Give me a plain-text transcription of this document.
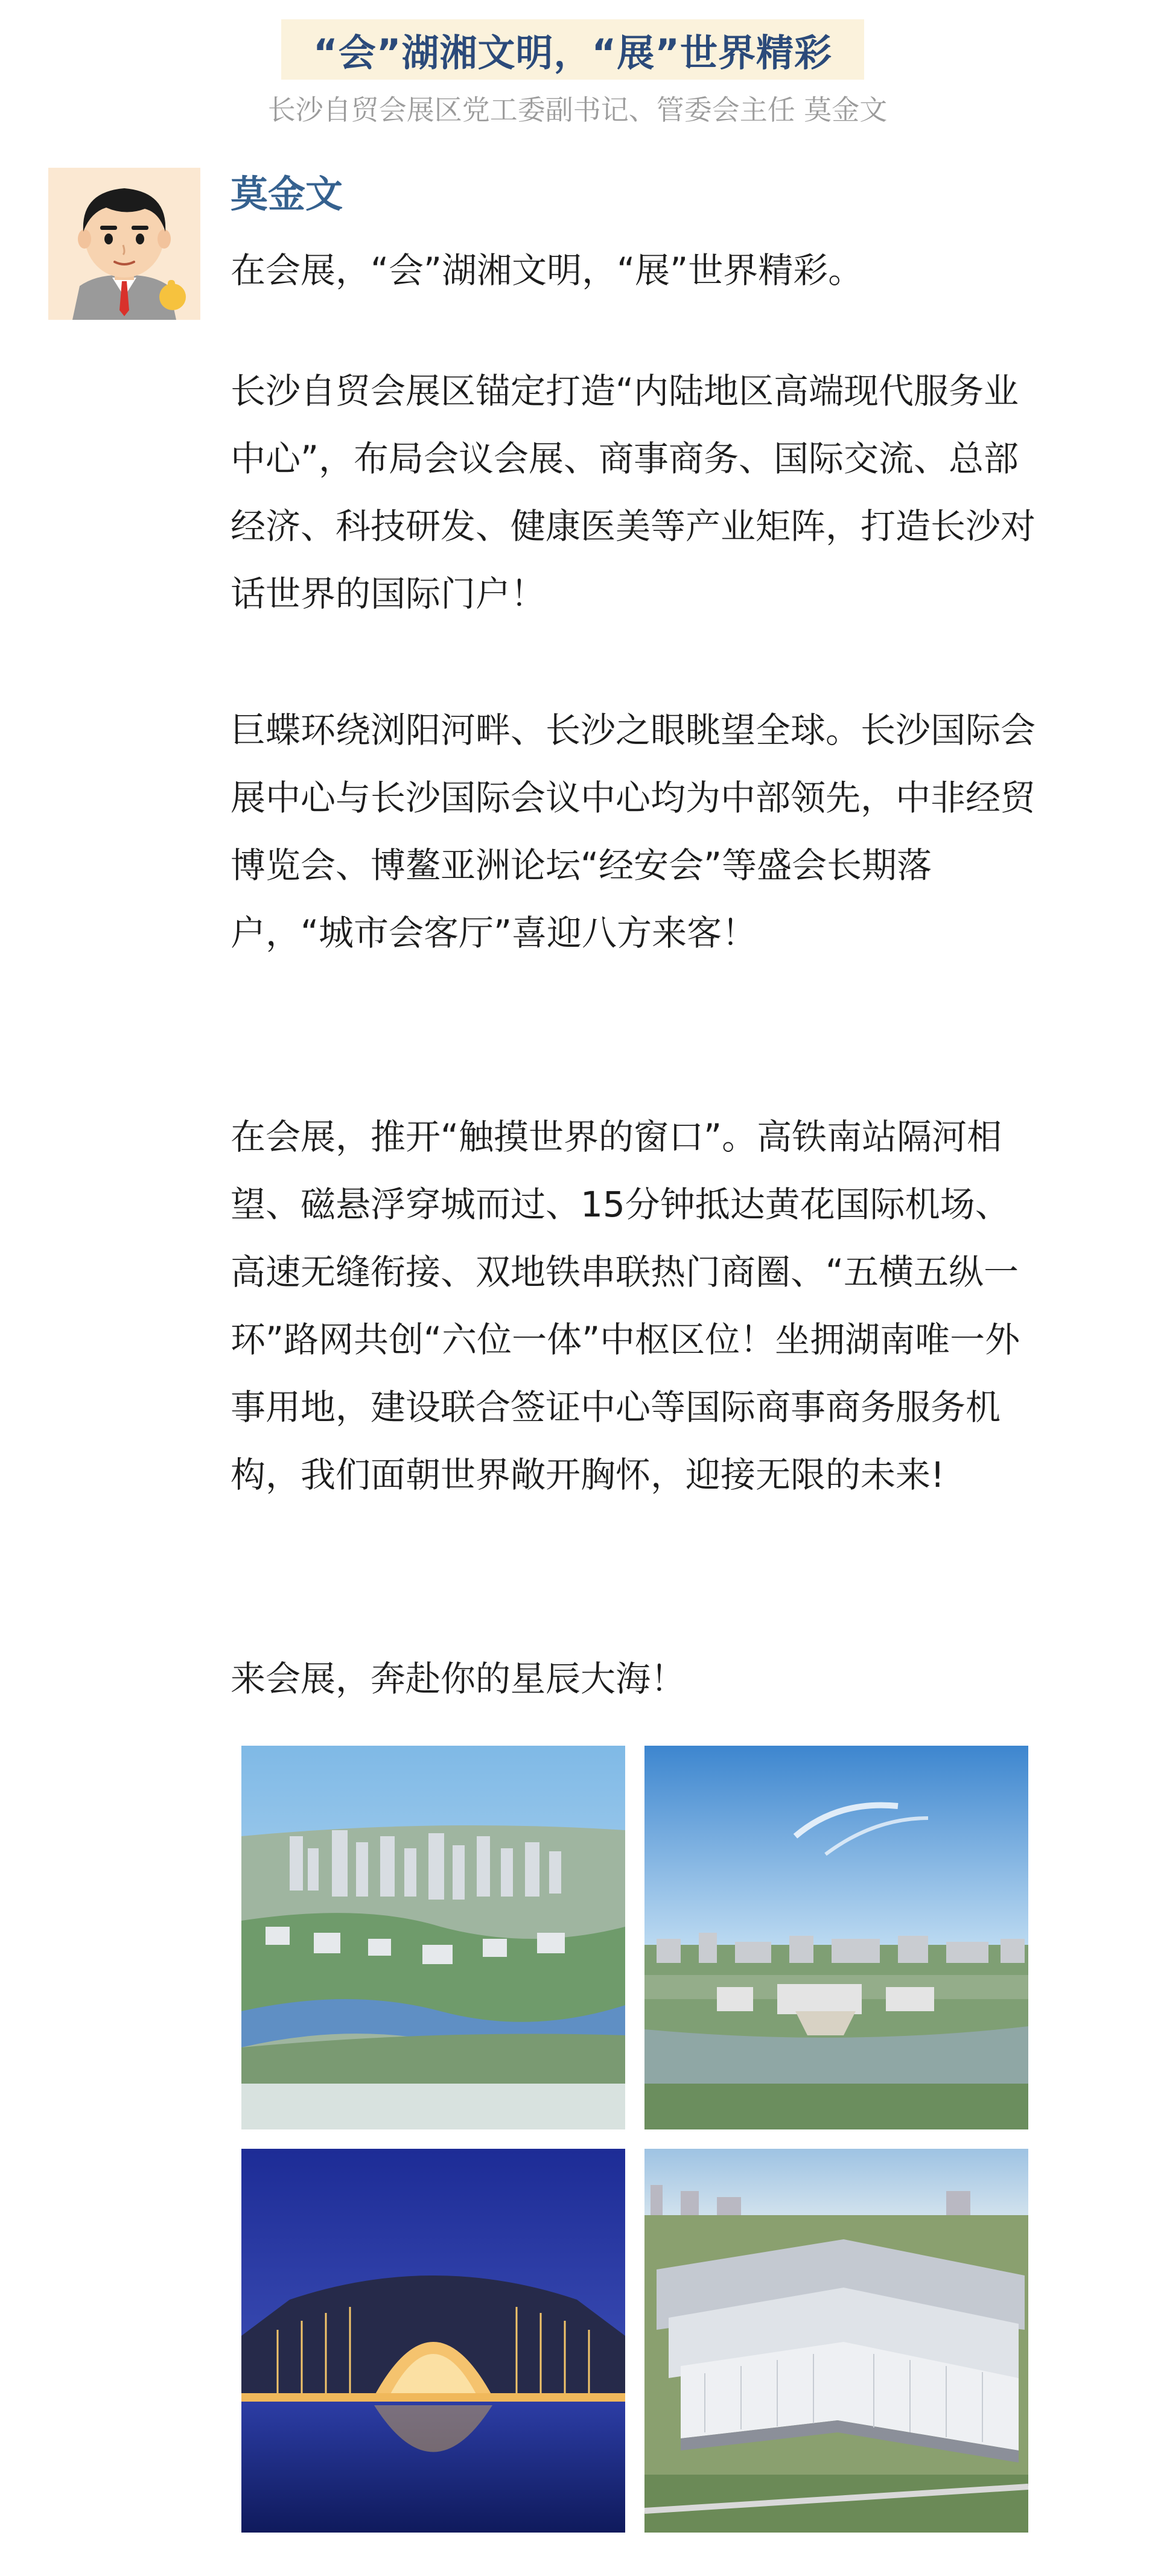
“会”湖湘文明，“展”世界精彩
长沙自贸会展区党工委副书记、管委会主任 莫金文
莫金文

在会展，“会”湖湘文明，“展”世界精彩。

长沙自贸会展区锚定打造“内陆地区高端现代服务业中心”，布局会议会展、商事商务、国际交流、总部经济、科技研发、健康医美等产业矩阵，打造长沙对话世界的国际门户！

巨蝶环绕浏阳河畔、长沙之眼眺望全球。长沙国际会展中心与长沙国际会议中心均为中部领先，中非经贸博览会、博鳌亚洲论坛“经安会”等盛会长期落户，“城市会客厅”喜迎八方来客！

在会展，推开“触摸世界的窗口”。高铁南站隔河相望、磁悬浮穿城而过、15分钟抵达黄花国际机场、高速无缝衔接、双地铁串联热门商圈、“五横五纵一环”路网共创“六位一体”中枢区位！坐拥湖南唯一外事用地，建设联合签证中心等国际商事商务服务机构，我们面朝世界敞开胸怀，迎接无限的未来!

来会展，奔赴你的星辰大海！
